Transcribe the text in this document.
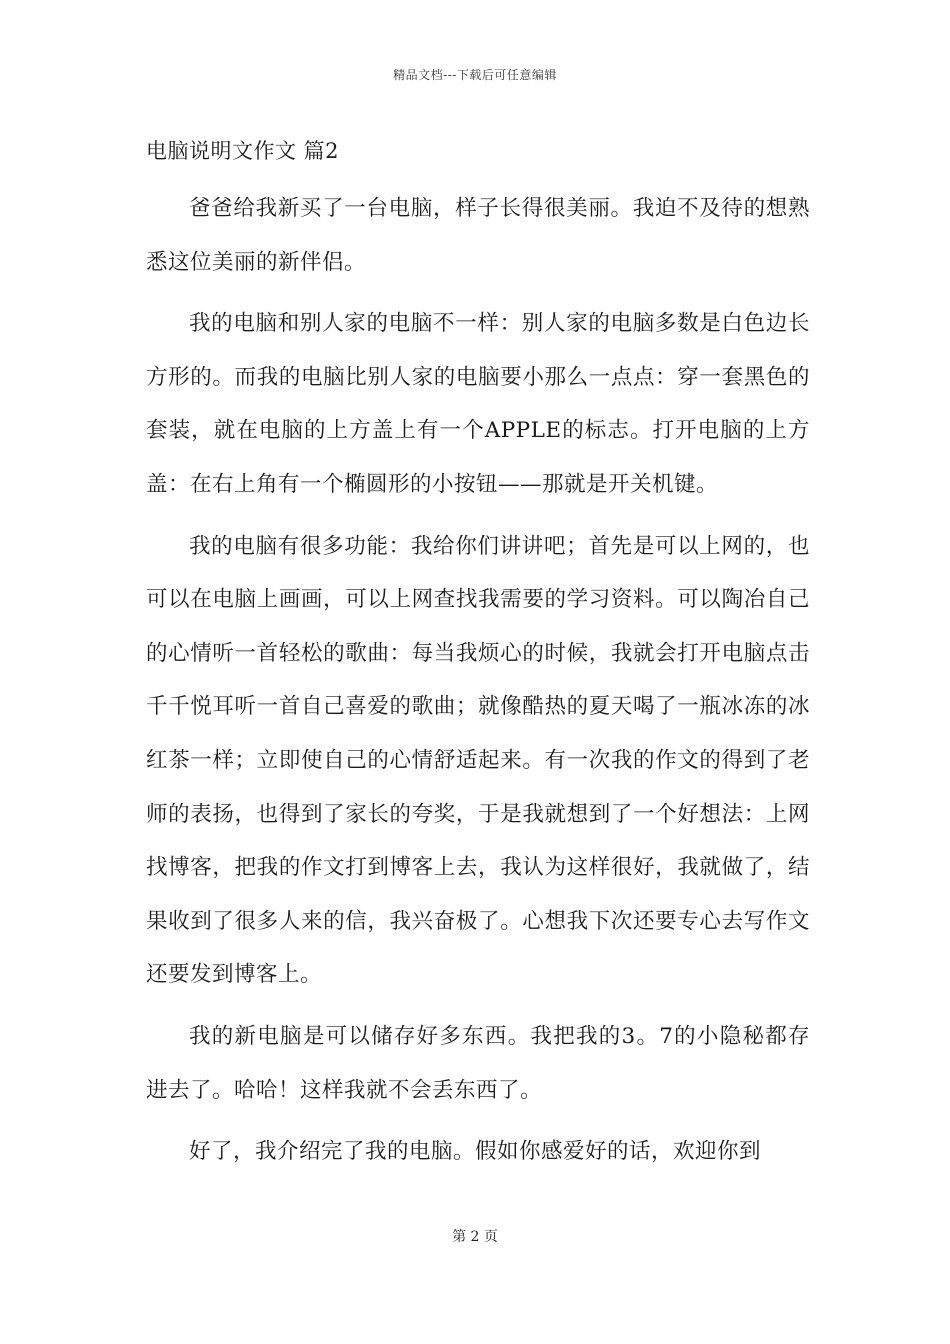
精品文档---下载后可任意编辑
电脑说明文作文 篇2

爸爸给我新买了一台电脑，样子长得很美丽。我迫不及待的想熟悉这位美丽的新伴侣。

我的电脑和别人家的电脑不一样：别人家的电脑多数是白色边长方形的。而我的电脑比别人家的电脑要小那么一点点：穿一套黑色的套装，就在电脑的上方盖上有一个APPLE的标志。打开电脑的上方盖：在右上角有一个椭圆形的小按钮——那就是开关机键。

我的电脑有很多功能：我给你们讲讲吧；首先是可以上网的，也可以在电脑上画画，可以上网查找我需要的学习资料。可以陶冶自己的心情听一首轻松的歌曲：每当我烦心的时候，我就会打开电脑点击千千悦耳听一首自己喜爱的歌曲；就像酷热的夏天喝了一瓶冰冻的冰红茶一样；立即使自己的心情舒适起来。有一次我的作文的得到了老师的表扬，也得到了家长的夸奖，于是我就想到了一个好想法：上网找博客，把我的作文打到博客上去，我认为这样很好，我就做了，结果收到了很多人来的信，我兴奋极了。心想我下次还要专心去写作文还要发到博客上。

我的新电脑是可以储存好多东西。我把我的3。7的小隐秘都存进去了。哈哈！这样我就不会丢东西了。

好了，我介绍完了我的电脑。假如你感爱好的话，欢迎你到

第 2 页
